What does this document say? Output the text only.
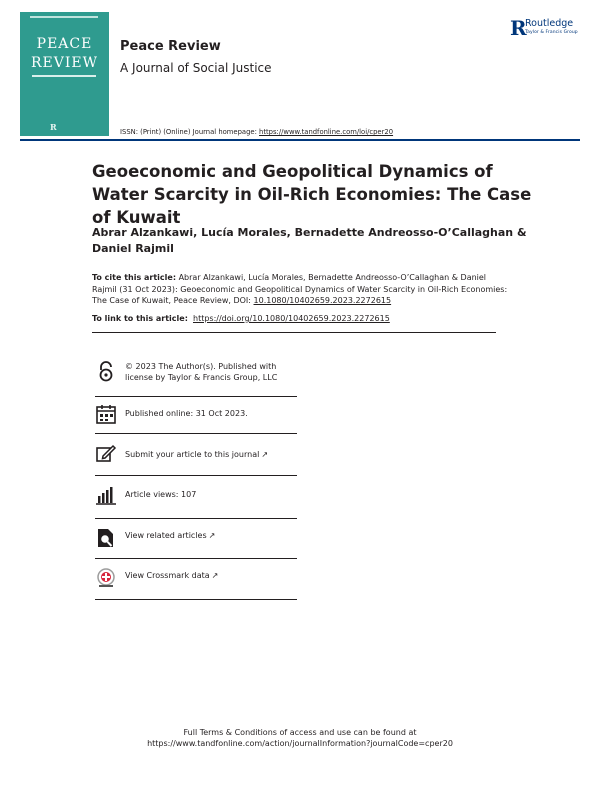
PEACE
REVIEW
R
Peace Review
A Journal of Social Justice
R
Routledge
Taylor & Francis Group
ISSN: (Print) (Online) Journal homepage: https://www.tandfonline.com/loi/cper20
Geoeconomic and Geopolitical Dynamics of Water Scarcity in Oil-Rich Economies: The Case of Kuwait
Abrar Alzankawi, Lucía Morales, Bernadette Andreosso-O’Callaghan & Daniel Rajmil
To cite this article: Abrar Alzankawi, Lucía Morales, Bernadette Andreosso-O’Callaghan & Daniel Rajmil (31 Oct 2023): Geoeconomic and Geopolitical Dynamics of Water Scarcity in Oil-Rich Economies: The Case of Kuwait, Peace Review, DOI: 10.1080/10402659.2023.2272615
To link to this article: https://doi.org/10.1080/10402659.2023.2272615
© 2023 The Author(s). Published with license by Taylor & Francis Group, LLC
Published online: 31 Oct 2023.
Submit your article to this journal ↗
Article views: 107
View related articles ↗
View Crossmark data ↗
Full Terms & Conditions of access and use can be found at
https://www.tandfonline.com/action/journalInformation?journalCode=cper20
